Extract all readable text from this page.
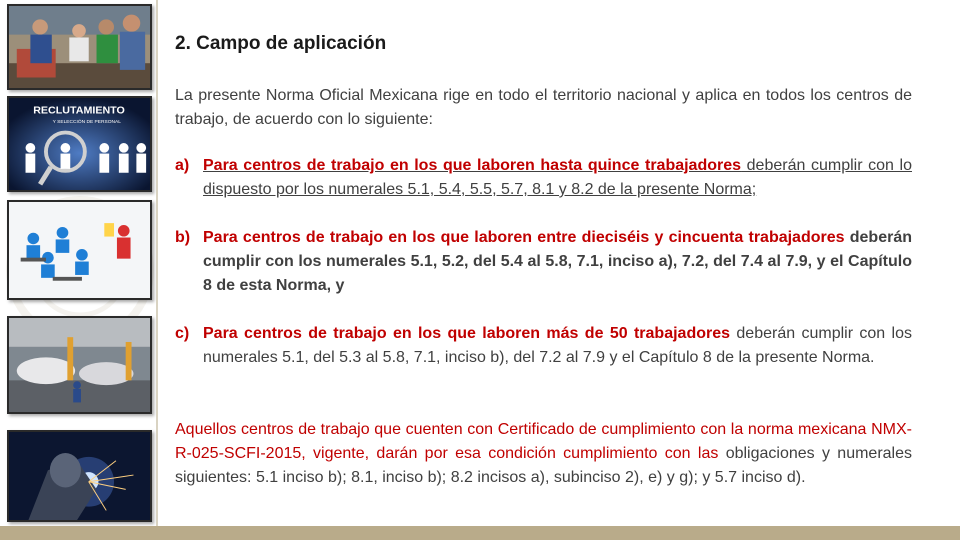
RECLUTAMIENTO
Y SELECCIÓN DE PERSONAL
2. Campo de aplicación

La presente Norma Oficial Mexicana rige en todo el territorio nacional y aplica en todos los centros de trabajo, de acuerdo con lo siguiente:

a) Para centros de trabajo en los que laboren hasta quince trabajadores deberán cumplir con lo dispuesto por los numerales 5.1, 5.4, 5.5, 5.7, 8.1 y 8.2 de la presente Norma;

b) Para centros de trabajo en los que laboren entre dieciséis y cincuenta trabajadores deberán cumplir con los numerales 5.1, 5.2, del 5.4 al 5.8, 7.1, inciso a), 7.2, del 7.4 al 7.9, y el Capítulo 8 de esta Norma, y

c) Para centros de trabajo en los que laboren más de 50 trabajadores deberán cumplir con los numerales 5.1, del 5.3 al 5.8, 7.1, inciso b), del 7.2 al 7.9 y el Capítulo 8 de la presente Norma.

Aquellos centros de trabajo que cuenten con Certificado de cumplimiento con la norma mexicana NMX-R-025-SCFI-2015, vigente, darán por esa condición cumplimiento con las obligaciones y numerales siguientes: 5.1 inciso b); 8.1, inciso b); 8.2 incisos a), subinciso 2), e) y g); y 5.7 inciso d).
